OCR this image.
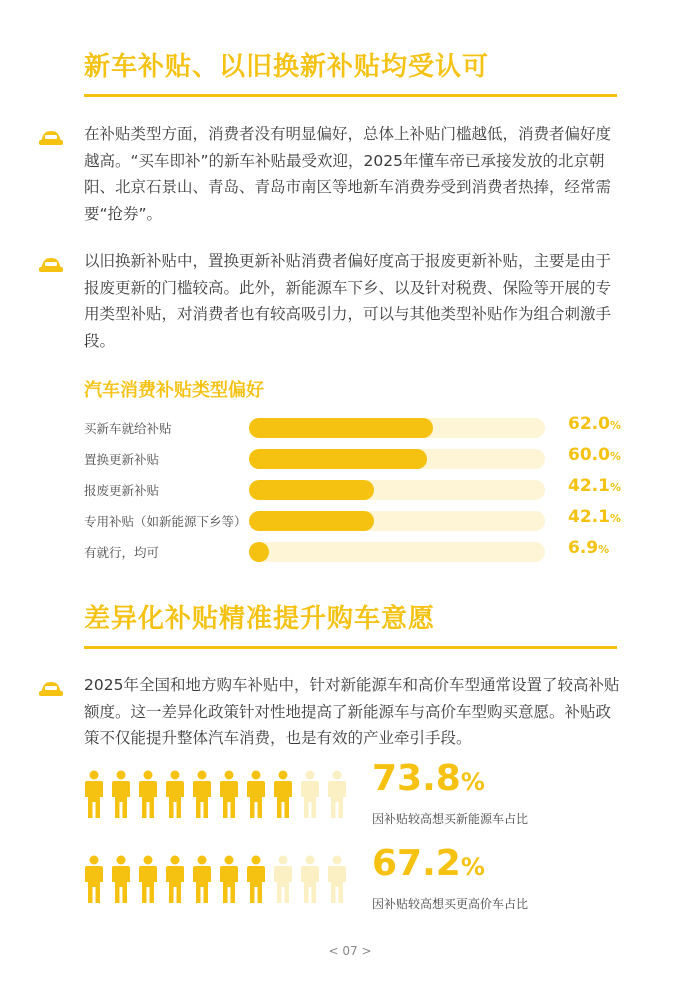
新车补贴、以旧换新补贴均受认可

在补贴类型方面，消费者没有明显偏好，总体上补贴门槛越低，消费者偏好度越高。“买车即补”的新车补贴最受欢迎，2025年懂车帝已承接发放的北京朝阳、北京石景山、青岛、青岛市南区等地新车消费券受到消费者热捧，经常需要“抢券”。

以旧换新补贴中，置换更新补贴消费者偏好度高于报废更新补贴，主要是由于报废更新的门槛较高。此外，新能源车下乡、以及针对税费、保险等开展的专用类型补贴，对消费者也有较高吸引力，可以与其他类型补贴作为组合刺激手段。

汽车消费补贴类型偏好
买新车就给补贴	62.0%
置换更新补贴	60.0%
报废更新补贴	42.1%
专用补贴（如新能源下乡等）	42.1%
有就行，均可	6.9%
差异化补贴精准提升购车意愿

2025年全国和地方购车补贴中，针对新能源车和高价车型通常设置了较高补贴额度。这一差异化政策针对性地提高了新能源车与高价车型购买意愿。补贴政策不仅能提升整体汽车消费，也是有效的产业牵引手段。

73.8%
因补贴较高想买新能源车占比
67.2%
因补贴较高想买更高价车占比
< 07 >
